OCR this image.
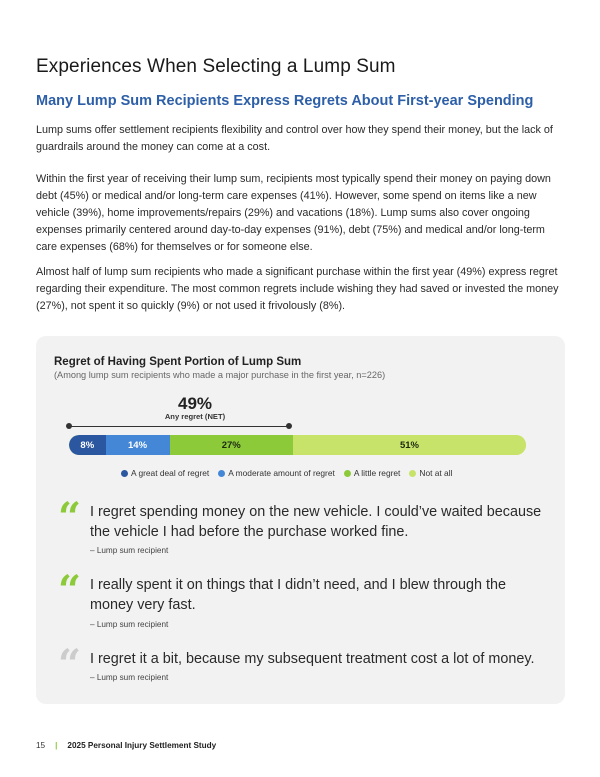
Experiences When Selecting a Lump Sum
Many Lump Sum Recipients Express Regrets About First-year Spending

Lump sums offer settlement recipients flexibility and control over how they spend their money, but the lack of guardrails around the money can come at a cost.

Within the first year of receiving their lump sum, recipients most typically spend their money on paying down debt (45%) or medical and/or long-term care expenses (41%). However, some spend on items like a new vehicle (39%), home improvements/repairs (29%) and vacations (18%). Lump sums also cover ongoing expenses primarily centered around day-to-day expenses (91%), debt (75%) and medical and/or long-term care expenses (68%) for themselves or for someone else.

Almost half of lump sum recipients who made a significant purchase within the first year (49%) express regret regarding their expenditure. The most common regrets include wishing they had saved or invested the money (27%), not spent it so quickly (9%) or not used it frivolously (8%).

Regret of Having Spent Portion of Lump Sum
(Among lump sum recipients who made a major purchase in the first year, n=226)
49%
Any regret (NET)
8%	14%	27%	51%
A great deal of regret A moderate amount of regret A little regret Not at all
“ I regret spending money on the new vehicle. I could’ve waited because the vehicle I had before the purchase worked fine.
– Lump sum recipient
“ I really spent it on things that I didn’t need, and I blew through the money very fast.
– Lump sum recipient
“ I regret it a bit, because my subsequent treatment cost a lot of money.
– Lump sum recipient
15 | 2025 Personal Injury Settlement Study
